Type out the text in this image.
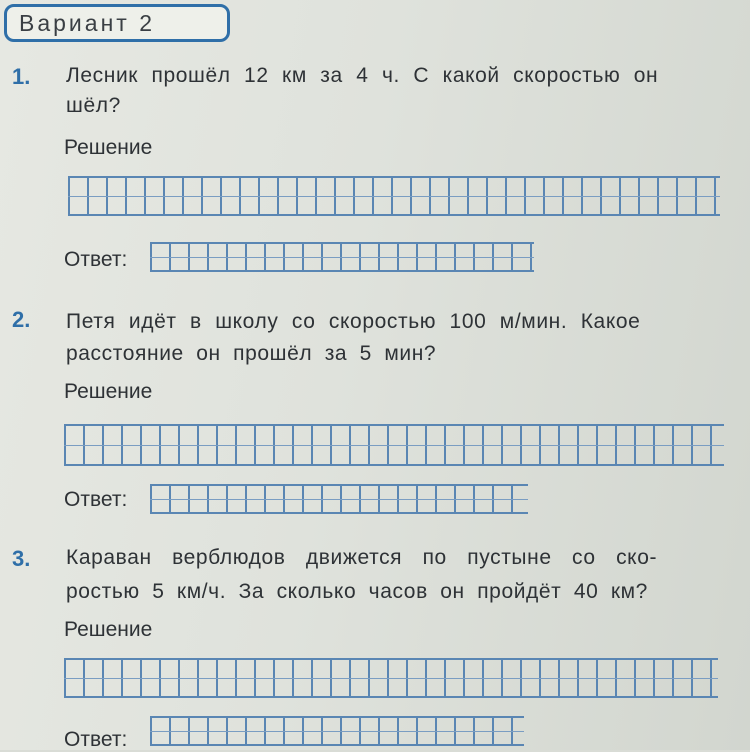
Вариант 2
1. Лесник прошёл 12 км за 4 ч. С какой скоростью он
шёл?
Решение
Ответ:
2. Петя идёт в школу со скоростью 100 м/мин. Какое
расстояние он прошёл за 5 мин?
Решение
Ответ:
3. Караван верблюдов движется по пустыне со ско-
ростью 5 км/ч. За сколько часов он пройдёт 40 км?
Решение
Ответ:
